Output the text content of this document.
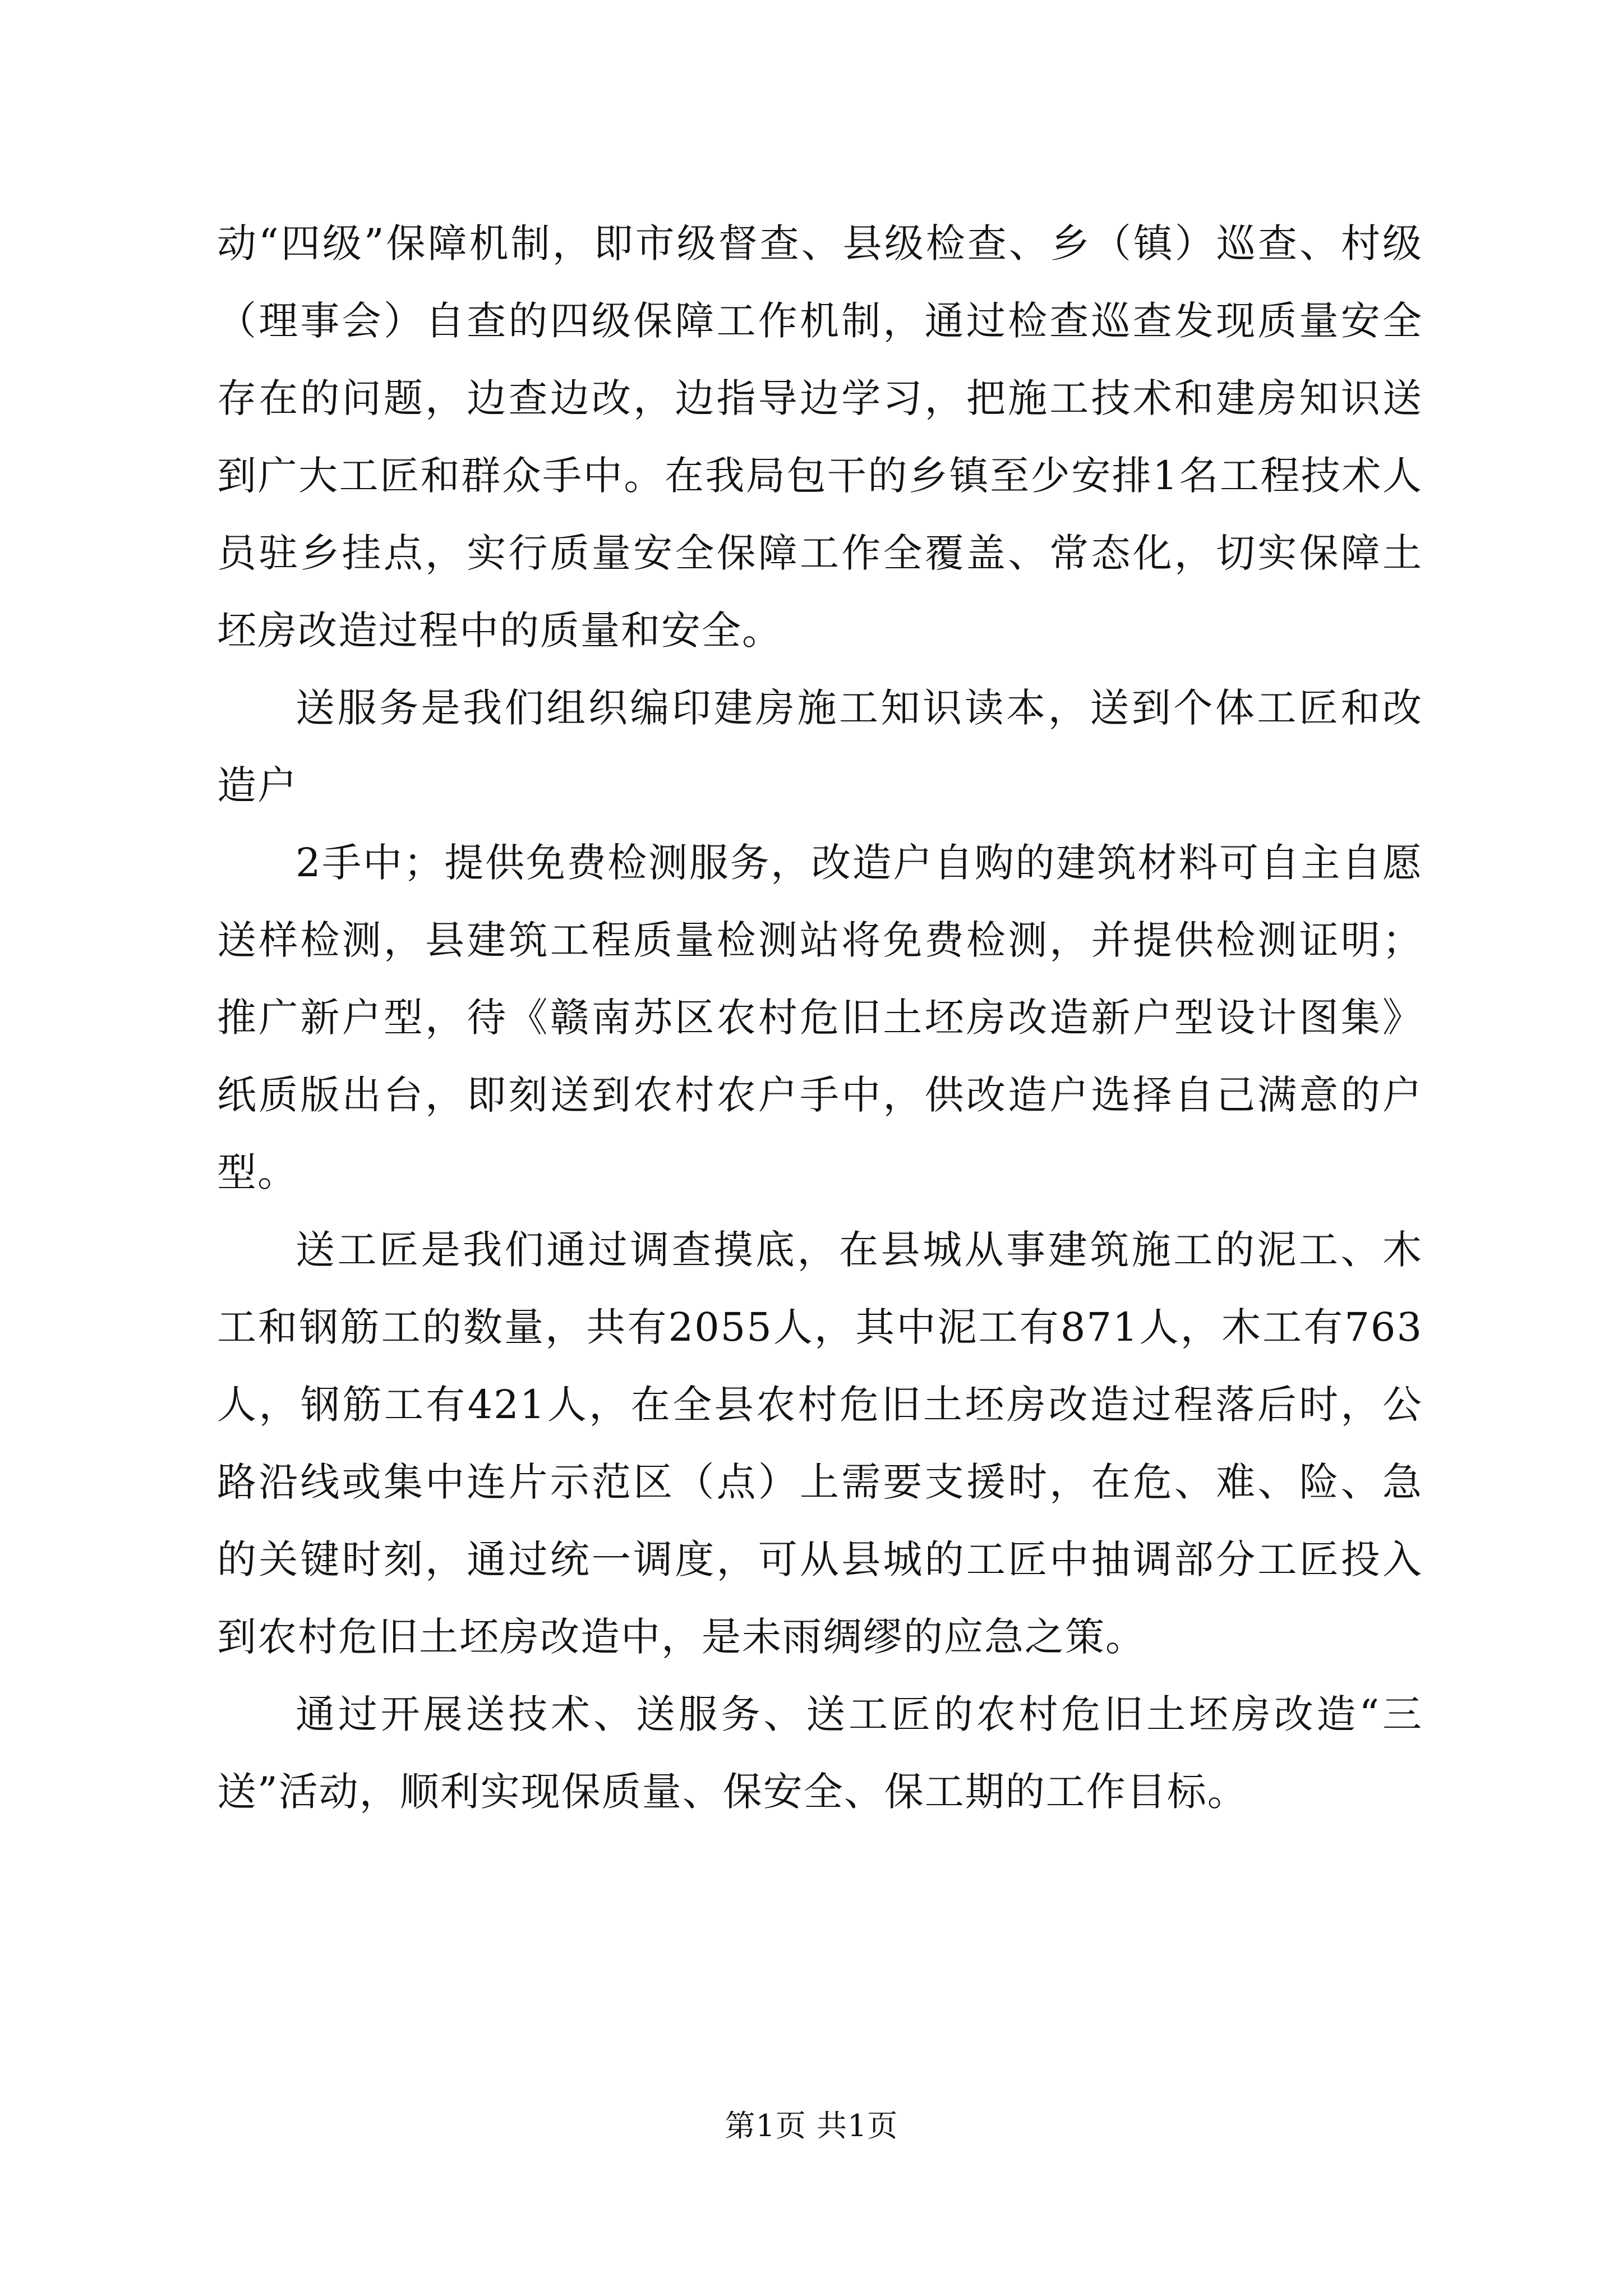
动“四级”保障机制，即市级督查、县级检查、乡（镇）巡查、村级（理事会）自查的四级保障工作机制，通过检查巡查发现质量安全存在的问题，边查边改，边指导边学习，把施工技术和建房知识送到广大工匠和群众手中。在我局包干的乡镇至少安排1名工程技术人员驻乡挂点，实行质量安全保障工作全覆盖、常态化，切实保障土坯房改造过程中的质量和安全。

送服务是我们组织编印建房施工知识读本，送到个体工匠和改造户

2手中；提供免费检测服务，改造户自购的建筑材料可自主自愿送样检测，县建筑工程质量检测站将免费检测，并提供检测证明；推广新户型，待《赣南苏区农村危旧土坯房改造新户型设计图集》纸质版出台，即刻送到农村农户手中，供改造户选择自己满意的户型。

送工匠是我们通过调查摸底，在县城从事建筑施工的泥工、木工和钢筋工的数量，共有2055人，其中泥工有871人，木工有763人，钢筋工有421人，在全县农村危旧土坯房改造过程落后时，公路沿线或集中连片示范区（点）上需要支援时，在危、难、险、急的关键时刻，通过统一调度，可从县城的工匠中抽调部分工匠投入到农村危旧土坯房改造中，是未雨绸缪的应急之策。

通过开展送技术、送服务、送工匠的农村危旧土坯房改造“三送”活动，顺利实现保质量、保安全、保工期的工作目标。

第1页 共1页
